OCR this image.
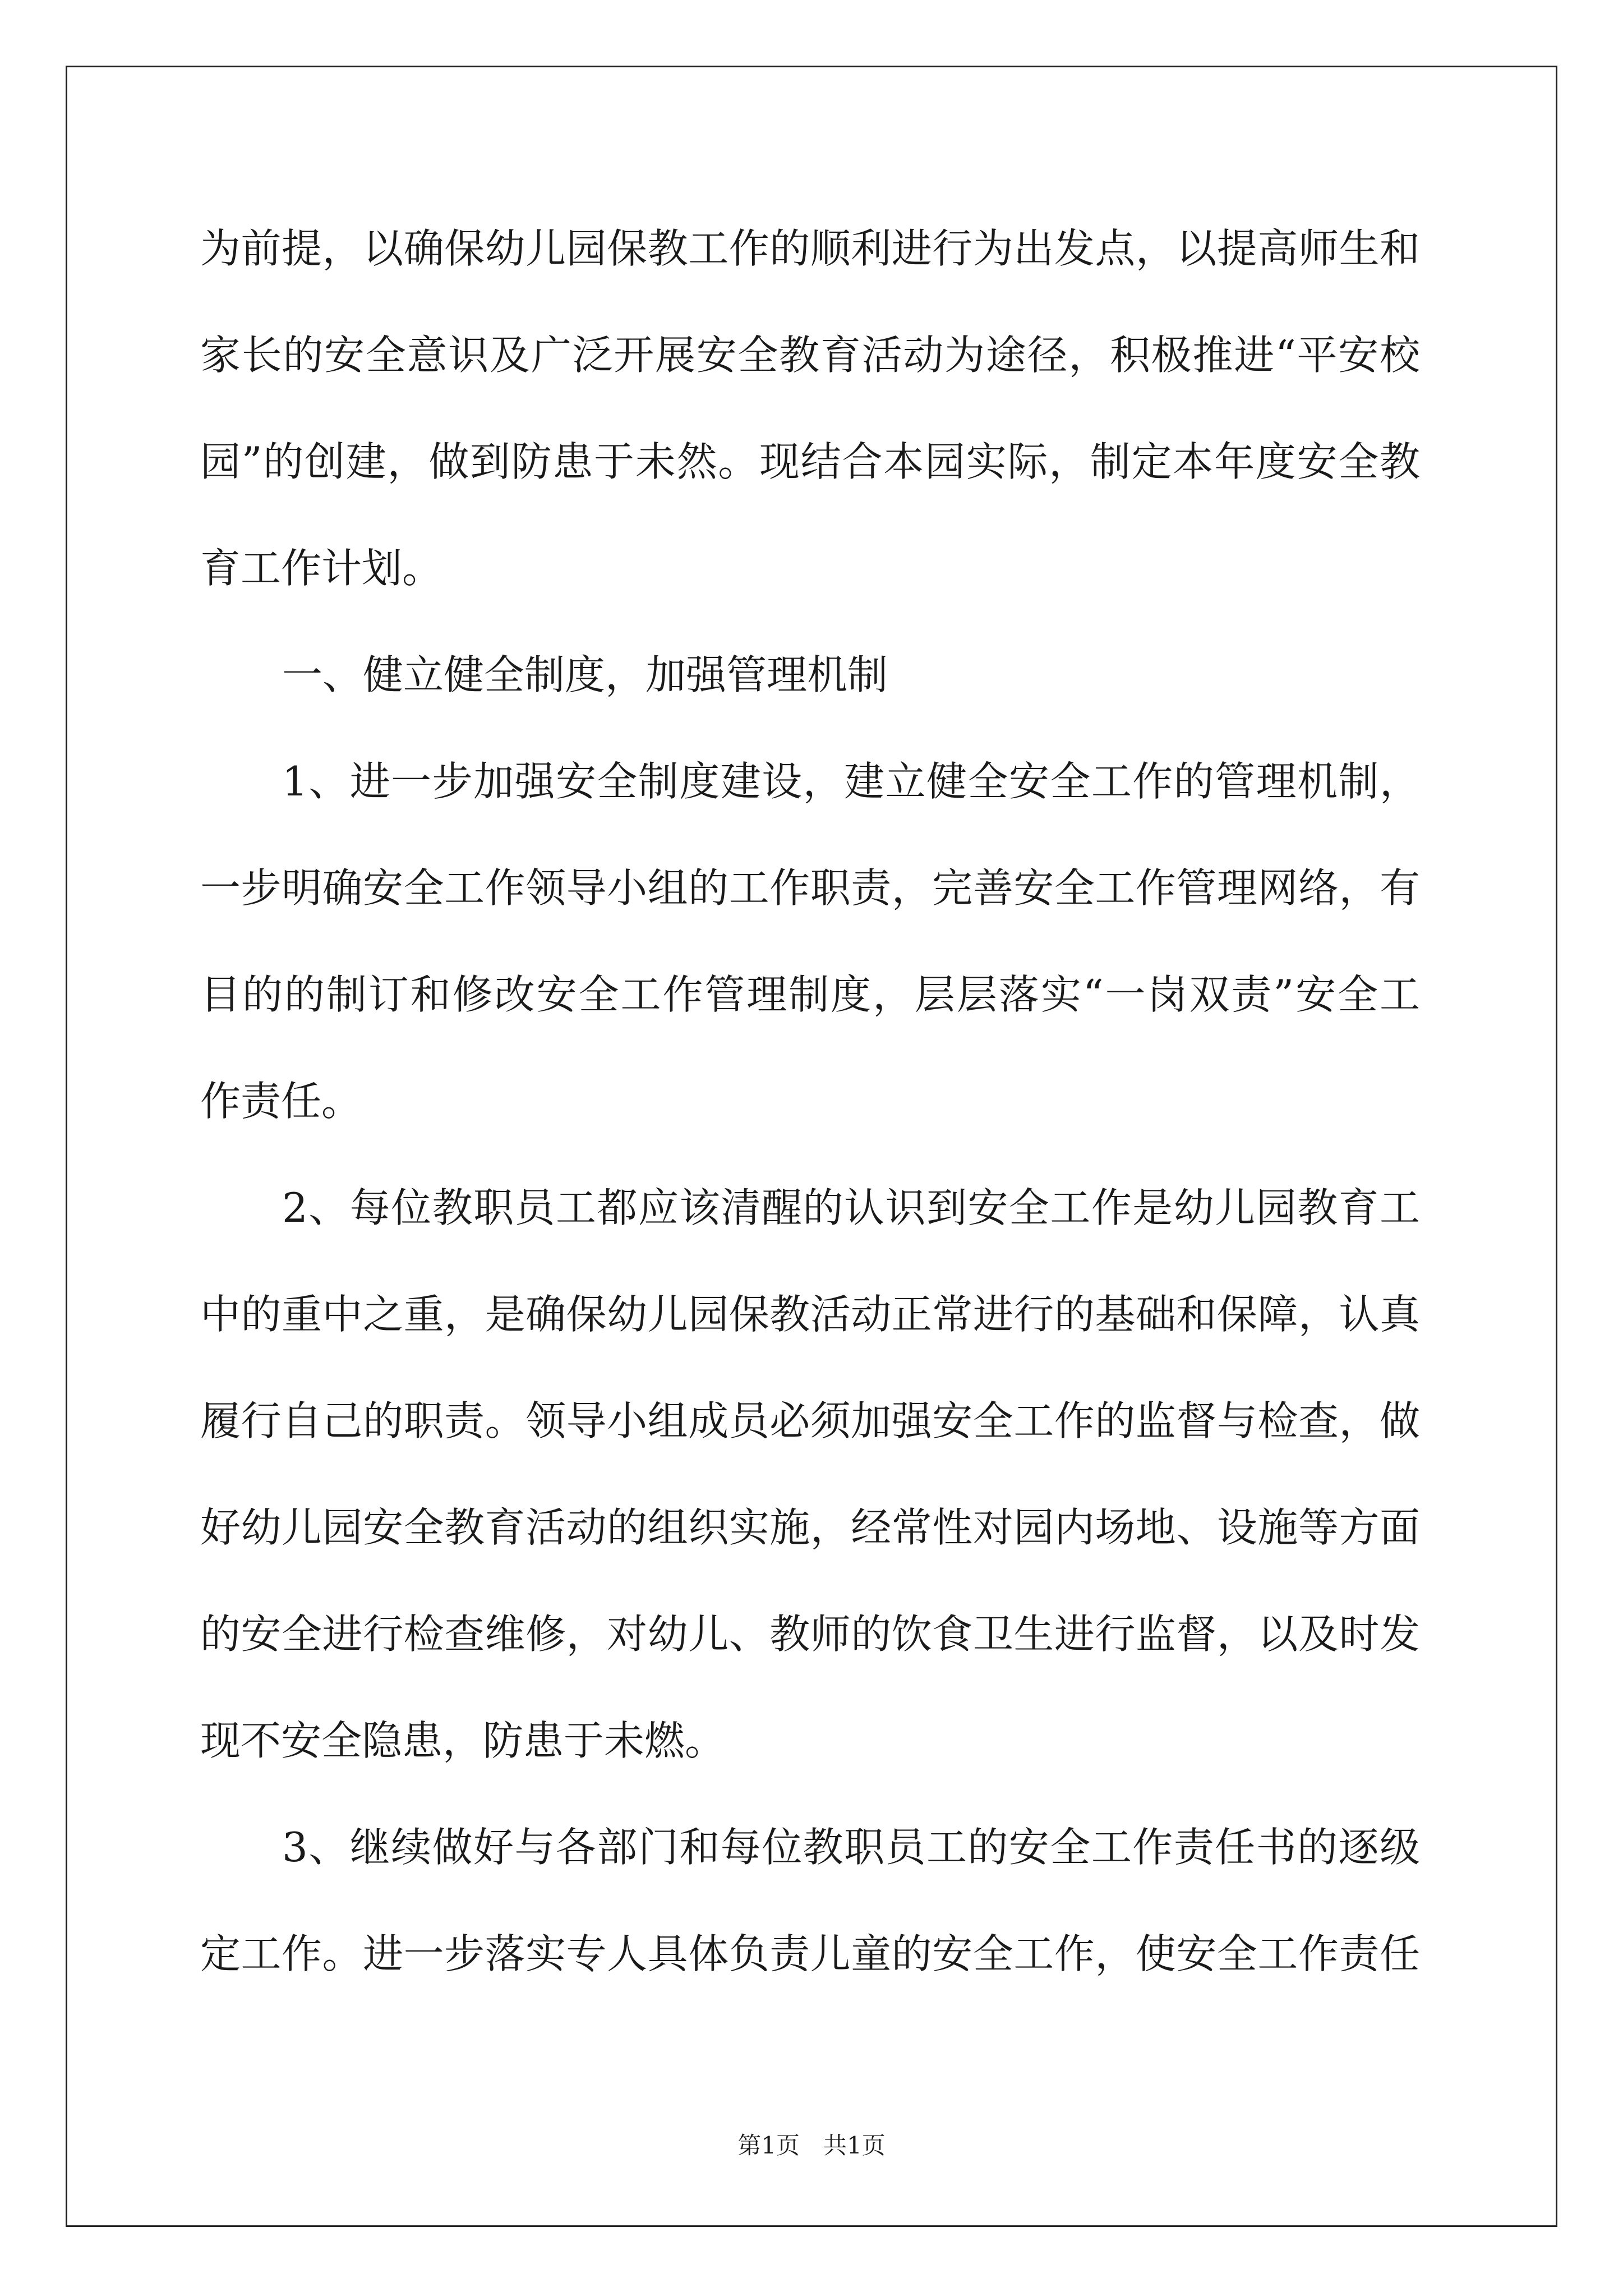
为前提，以确保幼儿园保教工作的顺利进行为出发点，以提高师生和
家长的安全意识及广泛开展安全教育活动为途径，积极推进“平安校
园”的创建，做到防患于未然。现结合本园实际，制定本年度安全教
育工作计划。
一、健立健全制度，加强管理机制
1、进一步加强安全制度建设，建立健全安全工作的管理机制，
一步明确安全工作领导小组的工作职责，完善安全工作管理网络，有
目的的制订和修改安全工作管理制度，层层落实“一岗双责”安全工
作责任。
2、每位教职员工都应该清醒的认识到安全工作是幼儿园教育工
中的重中之重，是确保幼儿园保教活动正常进行的基础和保障，认真
履行自己的职责。领导小组成员必须加强安全工作的监督与检查，做
好幼儿园安全教育活动的组织实施，经常性对园内场地、设施等方面
的安全进行检查维修，对幼儿、教师的饮食卫生进行监督，以及时发
现不安全隐患，防患于未燃。
3、继续做好与各部门和每位教职员工的安全工作责任书的逐级
定工作。进一步落实专人具体负责儿童的安全工作，使安全工作责任
第1页　共1页
